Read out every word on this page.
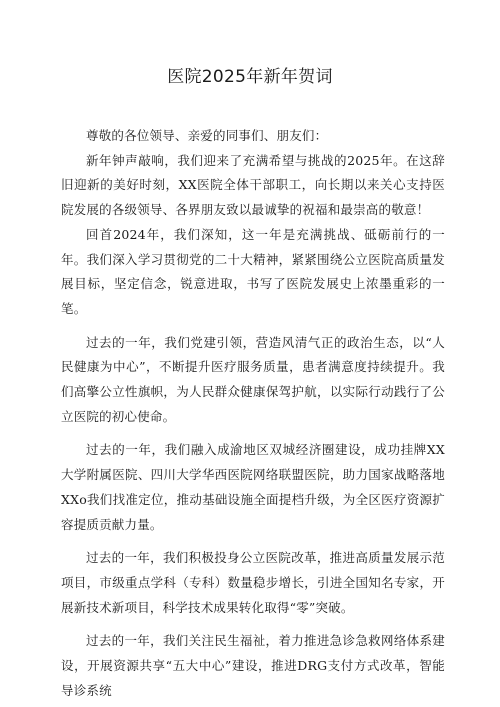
医院2025年新年贺词

尊敬的各位领导、亲爱的同事们、朋友们：

新年钟声敲响，我们迎来了充满希望与挑战的2025年。在这辞旧迎新的美好时刻，XX医院全体干部职工，向长期以来关心支持医院发展的各级领导、各界朋友致以最诚挚的祝福和最崇高的敬意！

回首2024年，我们深知，这一年是充满挑战、砥砺前行的一年。我们深入学习贯彻党的二十大精神，紧紧围绕公立医院高质量发展目标，坚定信念，锐意进取，书写了医院发展史上浓墨重彩的一笔。

过去的一年，我们党建引领，营造风清气正的政治生态，以“人民健康为中心”，不断提升医疗服务质量，患者满意度持续提升。我们高擎公立性旗帜，为人民群众健康保驾护航，以实际行动践行了公立医院的初心使命。

过去的一年，我们融入成渝地区双城经济圈建设，成功挂牌XX大学附属医院、四川大学华西医院网络联盟医院，助力国家战略落地XXo我们找准定位，推动基础设施全面提档升级，为全区医疗资源扩容提质贡献力量。

过去的一年，我们积极投身公立医院改革，推进高质量发展示范项目，市级重点学科（专科）数量稳步增长，引进全国知名专家，开展新技术新项目，科学技术成果转化取得“零”突破。

过去的一年，我们关注民生福祉，着力推进急诊急救网络体系建设，开展资源共享“五大中心”建设，推进DRG支付方式改革，智能导诊系统
